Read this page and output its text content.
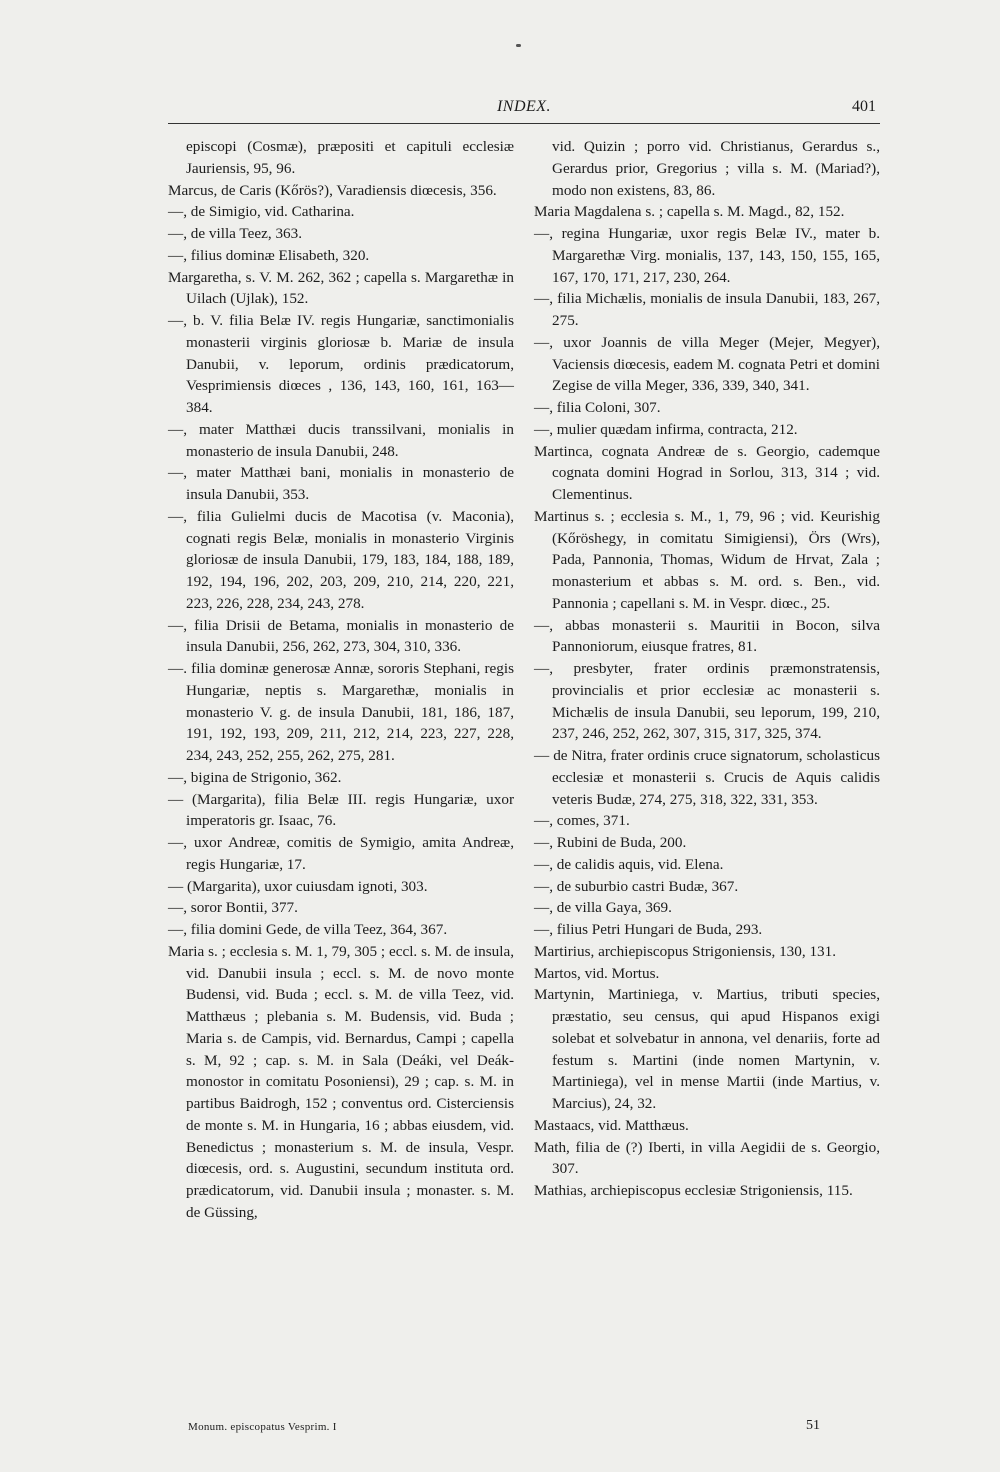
INDEX.	401

episcopi (Cosmæ), præpositi et capituli ecclesiæ Jauriensis, 95, 96.

Marcus, de Caris (Kőrös?), Varadiensis diœcesis, 356.

—, de Simigio, vid. Catharina.

—, de villa Teez, 363.

—, filius dominæ Elisabeth, 320.

Margaretha, s. V. M. 262, 362 ; capella s. Margarethæ in Uilach (Ujlak), 152.

—, b. V. filia Belæ IV. regis Hungariæ, sanctimonialis monasterii virginis gloriosæ b. Mariæ de insula Danubii, v. leporum, ordinis prædicatorum, Vesprimiensis diœces , 136, 143, 160, 161, 163—384.

—, mater Matthæi ducis transsilvani, monialis in monasterio de insula Danubii, 248.

—, mater Matthæi bani, monialis in monasterio de insula Danubii, 353.

—, filia Gulielmi ducis de Macotisa (v. Maconia), cognati regis Belæ, monialis in monasterio Virginis gloriosæ de insula Danubii, 179, 183, 184, 188, 189, 192, 194, 196, 202, 203, 209, 210, 214, 220, 221, 223, 226, 228, 234, 243, 278.

—, filia Drisii de Betama, monialis in monasterio de insula Danubii, 256, 262, 273, 304, 310, 336.

—. filia dominæ generosæ Annæ, sororis Stephani, regis Hungariæ, neptis s. Margarethæ, monialis in monasterio V. g. de insula Danubii, 181, 186, 187, 191, 192, 193, 209, 211, 212, 214, 223, 227, 228, 234, 243, 252, 255, 262, 275, 281.

—, bigina de Strigonio, 362.

— (Margarita), filia Belæ III. regis Hungariæ, uxor imperatoris gr. Isaac, 76.

—, uxor Andreæ, comitis de Symigio, amita Andreæ, regis Hungariæ, 17.

— (Margarita), uxor cuiusdam ignoti, 303.

—, soror Bontii, 377.

—, filia domini Gede, de villa Teez, 364, 367.

Maria s. ; ecclesia s. M. 1, 79, 305 ; eccl. s. M. de insula, vid. Danubii insula ; eccl. s. M. de novo monte Budensi, vid. Buda ; eccl. s. M. de villa Teez, vid. Matthæus ; plebania s. M. Budensis, vid. Buda ; Maria s. de Campis, vid. Bernardus, Campi ; capella s. M, 92 ; cap. s. M. in Sala (Deáki, vel Deák-monostor in comitatu Posoniensi), 29 ; cap. s. M. in partibus Baidrogh, 152 ; conventus ord. Cisterciensis de monte s. M. in Hungaria, 16 ; abbas eiusdem, vid. Benedictus ; monasterium s. M. de insula, Vespr. diœcesis, ord. s. Augustini, secundum instituta ord. prædicatorum, vid. Danubii insula ; monaster. s. M. de Güssing,

vid. Quizin ; porro vid. Christianus, Gerardus s., Gerardus prior, Gregorius ; villa s. M. (Mariad?), modo non existens, 83, 86.

Maria Magdalena s. ; capella s. M. Magd., 82, 152.

—, regina Hungariæ, uxor regis Belæ IV., mater b. Margarethæ Virg. monialis, 137, 143, 150, 155, 165, 167, 170, 171, 217, 230, 264.

—, filia Michælis, monialis de insula Danubii, 183, 267, 275.

—, uxor Joannis de villa Meger (Mejer, Megyer), Vaciensis diœcesis, eadem M. cognata Petri et domini Zegise de villa Meger, 336, 339, 340, 341.

—, filia Coloni, 307.

—, mulier quædam infirma, contracta, 212.

Martinca, cognata Andreæ de s. Georgio, cademque cognata domini Hograd in Sorlou, 313, 314 ; vid. Clementinus.

Martinus s. ; ecclesia s. M., 1, 79, 96 ; vid. Keurishig (Kőröshegy, in comitatu Simigiensi), Örs (Wrs), Pada, Pannonia, Thomas, Widum de Hrvat, Zala ; monasterium et abbas s. M. ord. s. Ben., vid. Pannonia ; capellani s. M. in Vespr. diœc., 25.

—, abbas monasterii s. Mauritii in Bocon, silva Pannoniorum, eiusque fratres, 81.

—, presbyter, frater ordinis præmonstratensis, provincialis et prior ecclesiæ ac monasterii s. Michælis de insula Danubii, seu leporum, 199, 210, 237, 246, 252, 262, 307, 315, 317, 325, 374.

— de Nitra, frater ordinis cruce signatorum, scholasticus ecclesiæ et monasterii s. Crucis de Aquis calidis veteris Budæ, 274, 275, 318, 322, 331, 353.

—, comes, 371.

—, Rubini de Buda, 200.

—, de calidis aquis, vid. Elena.

—, de suburbio castri Budæ, 367.

—, de villa Gaya, 369.

—, filius Petri Hungari de Buda, 293.

Martirius, archiepiscopus Strigoniensis, 130, 131.

Martos, vid. Mortus.

Martynin, Martiniega, v. Martius, tributi species, præstatio, seu census, qui apud Hispanos exigi solebat et solvebatur in annona, vel denariis, forte ad festum s. Martini (inde nomen Martynin, v. Martiniega), vel in mense Martii (inde Martius, v. Marcius), 24, 32.

Mastaacs, vid. Matthæus.

Math, filia de (?) Iberti, in villa Aegidii de s. Georgio, 307.

Mathias, archiepiscopus ecclesiæ Strigoniensis, 115.

Monum. episcopatus Vesprim. I	51
